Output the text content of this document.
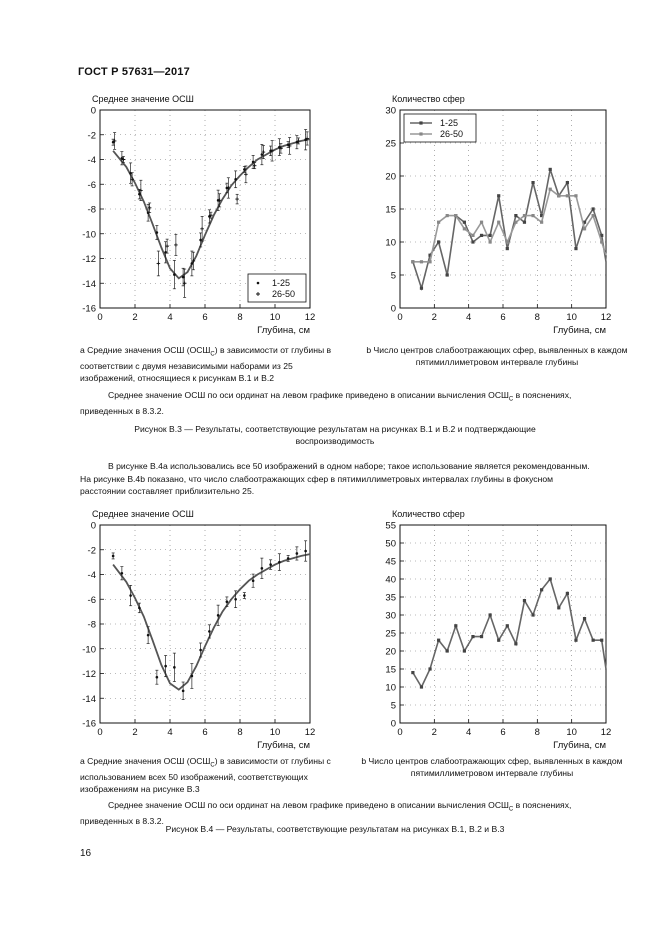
ГОСТ Р 57631—2017
Среднее значение ОСШ
0	2	4	6	8	10	12
0
-2
-4
-6
-8
-10
-12
-14
-16
Глубина, см
1-25
26-50
Количество сфер
0	2	4	6	8	10	12
0
5
10
15
20
25
30
Глубина, см
1-25
26-50
a Средние значения ОСШ $(ОСШ_С)$ в зависимости от глубины в соответствии с двумя независимыми наборами из 25 изображений, относящиеся к рисункам В.1 и В.2
b Число центров слабоотражающих сфер, выявленных в каждом пятимиллиметровом интервале глубины
Среднее значение ОСШ по оси ординат на левом графике приведено в описании вычисления $ОСШ_С$ в пояснениях, приведенных в 8.3.2.
Рисунок В.3 — Результаты, соответствующие результатам на рисунках В.1 и В.2 и подтверждающие воспроизводимость
В рисунке В.4a использовались все 50 изображений в одном наборе; такое использование является рекомендованным. На рисунке В.4b показано, что число слабоотражающих сфер в пятимиллиметровых интервалах глубины в фокусном расстоянии составляет приблизительно 25.
Среднее значение ОСШ
0	2	4	6	8	10	12
0
-2
-4
-6
-8
-10
-12
-14
-16
Глубина, см
Количество сфер
0	2	4	6	8	10	12
0
5
10
15
20
25
30
35
40
45
50
55
Глубина, см
a Средние значения ОСШ $(ОСШ_С)$ в зависимости от глубины с использованием всех 50 изображений, соответствующих изображениям на рисунке В.3
b Число центров слабоотражающих сфер, выявленных в каждом пятимиллиметровом интервале глубины
Среднее значение ОСШ по оси ординат на левом графике приведено в описании вычисления $ОСШ_С$ в пояснениях, приведенных в 8.3.2.
Рисунок В.4 — Результаты, соответствующие результатам на рисунках В.1, В.2 и В.3
16
